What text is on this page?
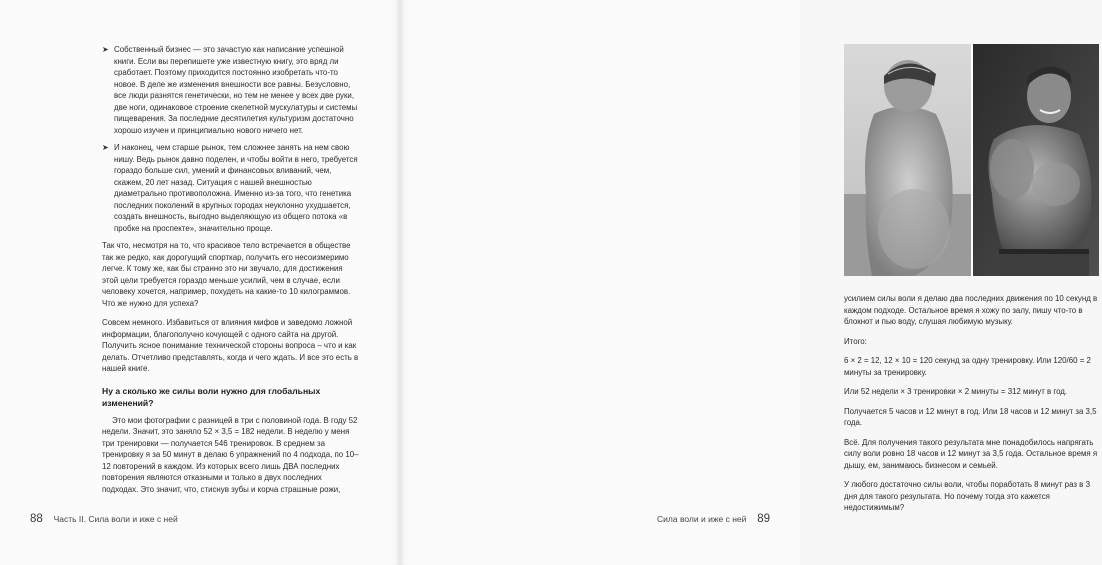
➤ Собственный бизнес — это зачастую как написание успешной книги. Если вы перепишете уже известную книгу, это вряд ли сработает. Поэтому приходится постоянно изобретать что-то новое. В деле же изменения внешности все равны. Безусловно, все люди разнятся генетически, но тем не менее у всех две руки, две ноги, одинаковое строение скелетной мускулатуры и системы пищеварения. За последние десятилетия культуризм достаточно хорошо изучен и принципиально нового ничего нет.
➤ И наконец, чем старше рынок, тем сложнее занять на нем свою нишу. Ведь рынок давно поделен, и чтобы войти в него, требуется гораздо больше сил, умений и финансовых вливаний, чем, скажем, 20 лет назад. Ситуация с нашей внешностью диаметрально противоположна. Именно из-за того, что генетика последних поколений в крупных городах неуклонно ухудшается, создать внешность, выгодно выделяющую из общего потока «в пробке на проспекте», значительно проще.

Так что, несмотря на то, что красивое тело встречается в обществе так же редко, как дорогущий спорткар, получить его несоизмеримо легче. К тому же, как бы странно это ни звучало, для достижения этой цели требуется гораздо меньше усилий, чем в случае, если человеку хочется, например, похудеть на какие-то 10 килограммов. Что же нужно для успеха?

Совсем немного. Избавиться от влияния мифов и заведомо ложной информации, благополучно кочующей с одного сайта на другой. Получить ясное понимание технической стороны вопроса – что и как делать. Отчетливо представлять, когда и чего ждать. И все это есть в нашей книге.

Ну а сколько же силы воли нужно для глобальных изменений?

Это мои фотографии с разницей в три с половиной года. В году 52 недели. Значит, это заняло 52 × 3,5 = 182 недели. В неделю у меня три тренировки — получается 546 тренировок. В среднем за тренировку я за 50 минут в делаю 6 упражнений по 4 подхода, по 10–12 повторений в каждом. Из которых всего лишь ДВА последних повторения являются отказными и только в двух последних подходах. Это значит, что, стиснув зубы и корча страшные рожи,

88 Часть II. Сила воли и иже с ней

усилием силы воли я делаю два последних движения по 10 секунд в каждом подходе. Остальное время я хожу по залу, пишу что-то в блокнот и пью воду, слушая любимую музыку.

Итого:

6 × 2 = 12, 12 × 10 = 120 секунд за одну тренировку. Или 120/60 = 2 минуты за тренировку.

Или 52 недели × 3 тренировки × 2 минуты = 312 минут в год.

Получается 5 часов и 12 минут в год. Или 18 часов и 12 минут за 3,5 года.

Всё. Для получения такого результата мне понадобилось напрягать силу воли ровно 18 часов и 12 минут за 3,5 года. Остальное время я дышу, ем, занимаюсь бизнесом и семьей.

У любого достаточно силы воли, чтобы поработать 8 минут раз в 3 дня для такого результата. Но почему тогда это кажется недостижимым?

Сила воли и иже с ней 89
